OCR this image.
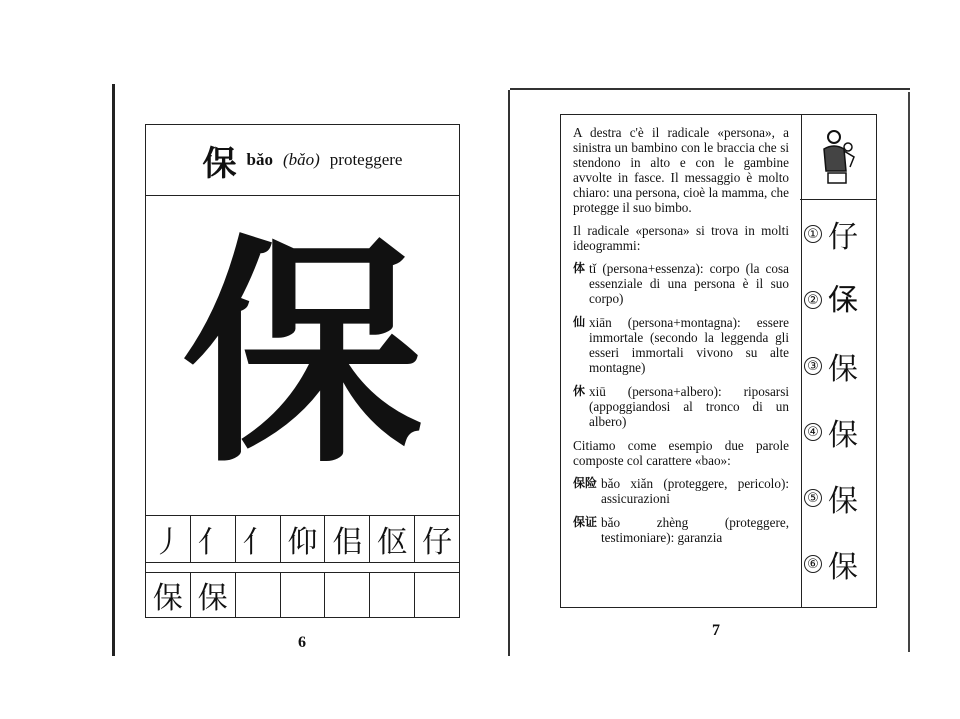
保 bǎo (bǎo) proteggere
保
丿 亻 亻 仰 佀 伛 仔
保 保
6

A destra c'è il radicale «persona», a sinistra un bambino con le braccia che si stendono in alto e con le gambine avvolte in fasce. Il messaggio è molto chiaro: una persona, cioè la mamma, che protegge il suo bimbo.

Il radicale «persona» si trova in molti ideogrammi:

体 tǐ (persona+essenza): corpo (la cosa essenziale di una persona è il suo corpo)
仙 xiān (persona+montagna): essere immortale (secondo la leggenda gli esseri immortali vivono su alte montagne)
休 xiū (persona+albero): riposarsi (appoggiandosi al tronco di un albero)

Citiamo come esempio due parole composte col carattere «bao»:

保险 bǎo xiǎn (proteggere, pericolo): assicurazioni
保证 bǎo zhèng (proteggere, testimoniare): garanzia
① 仔
② 𠈃
③ 保
④ 保
⑤ 保
⑥ 保
7
